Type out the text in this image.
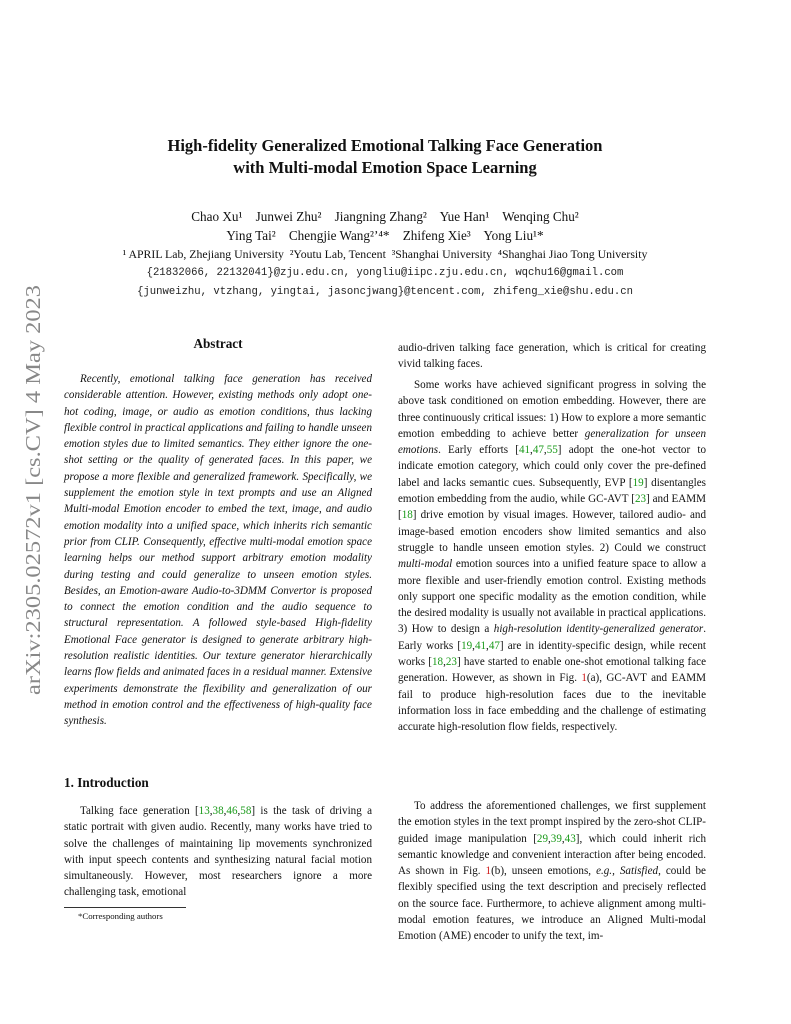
arXiv:2305.02572v1 [cs.CV] 4 May 2023
High-fidelity Generalized Emotional Talking Face Generation
with Multi-modal Emotion Space Learning
Chao Xu¹    Junwei Zhu²    Jiangning Zhang²    Yue Han¹    Wenqing Chu²
Ying Tai²    Chengjie Wang²ʼ⁴*    Zhifeng Xie³    Yong Liu¹*
¹ APRIL Lab, Zhejiang University  ²Youtu Lab, Tencent  ³Shanghai University  ⁴Shanghai Jiao Tong University
{21832066, 22132041}@zju.edu.cn, yongliu@iipc.zju.edu.cn, wqchu16@gmail.com
{junweizhu, vtzhang, yingtai, jasoncjwang}@tencent.com, zhifeng_xie@shu.edu.cn
Abstract

Recently, emotional talking face generation has received considerable attention. However, existing methods only adopt one-hot coding, image, or audio as emotion conditions, thus lacking flexible control in practical applications and failing to handle unseen emotion styles due to limited semantics. They either ignore the one-shot setting or the quality of generated faces. In this paper, we propose a more flexible and generalized framework. Specifically, we supplement the emotion style in text prompts and use an Aligned Multi-modal Emotion encoder to embed the text, image, and audio emotion modality into a unified space, which inherits rich semantic prior from CLIP. Consequently, effective multi-modal emotion space learning helps our method support arbitrary emotion modality during testing and could generalize to unseen emotion styles. Besides, an Emotion-aware Audio-to-3DMM Convertor is proposed to connect the emotion condition and the audio sequence to structural representation. A followed style-based High-fidelity Emotional Face generator is designed to generate arbitrary high-resolution realistic identities. Our texture generator hierarchically learns flow fields and animated faces in a residual manner. Extensive experiments demonstrate the flexibility and generalization of our method in emotion control and the effectiveness of high-quality face synthesis.

1. Introduction

Talking face generation [13,38,46,58] is the task of driving a static portrait with given audio. Recently, many works have tried to solve the challenges of maintaining lip movements synchronized with input speech contents and synthesizing natural facial motion simultaneously. However, most researchers ignore a more challenging task, emotional

audio-driven talking face generation, which is critical for creating vivid talking faces.

Some works have achieved significant progress in solving the above task conditioned on emotion embedding. However, there are three continuously critical issues: 1) How to explore a more semantic emotion embedding to achieve better generalization for unseen emotions. Early efforts [41,47,55] adopt the one-hot vector to indicate emotion category, which could only cover the pre-defined label and lacks semantic cues. Subsequently, EVP [19] disentangles emotion embedding from the audio, while GC-AVT [23] and EAMM [18] drive emotion by visual images. However, tailored audio- and image-based emotion encoders show limited semantics and also struggle to handle unseen emotion styles. 2) Could we construct multi-modal emotion sources into a unified feature space to allow a more flexible and user-friendly emotion control. Existing methods only support one specific modality as the emotion condition, while the desired modality is usually not available in practical applications. 3) How to design a high-resolution identity-generalized generator. Early works [19,41,47] are in identity-specific design, while recent works [18,23] have started to enable one-shot emotional talking face generation. However, as shown in Fig. 1(a), GC-AVT and EAMM fail to produce high-resolution faces due to the inevitable information loss in face embedding and the challenge of estimating accurate high-resolution flow fields, respectively.

To address the aforementioned challenges, we first supplement the emotion styles in the text prompt inspired by the zero-shot CLIP-guided image manipulation [29,39,43], which could inherit rich semantic knowledge and convenient interaction after being encoded. As shown in Fig. 1(b), unseen emotions, e.g., Satisfied, could be flexibly specified using the text description and precisely reflected on the source face. Furthermore, to achieve alignment among multi-modal emotion features, we introduce an Aligned Multi-modal Emotion (AME) encoder to unify the text, im-

*Corresponding authors
